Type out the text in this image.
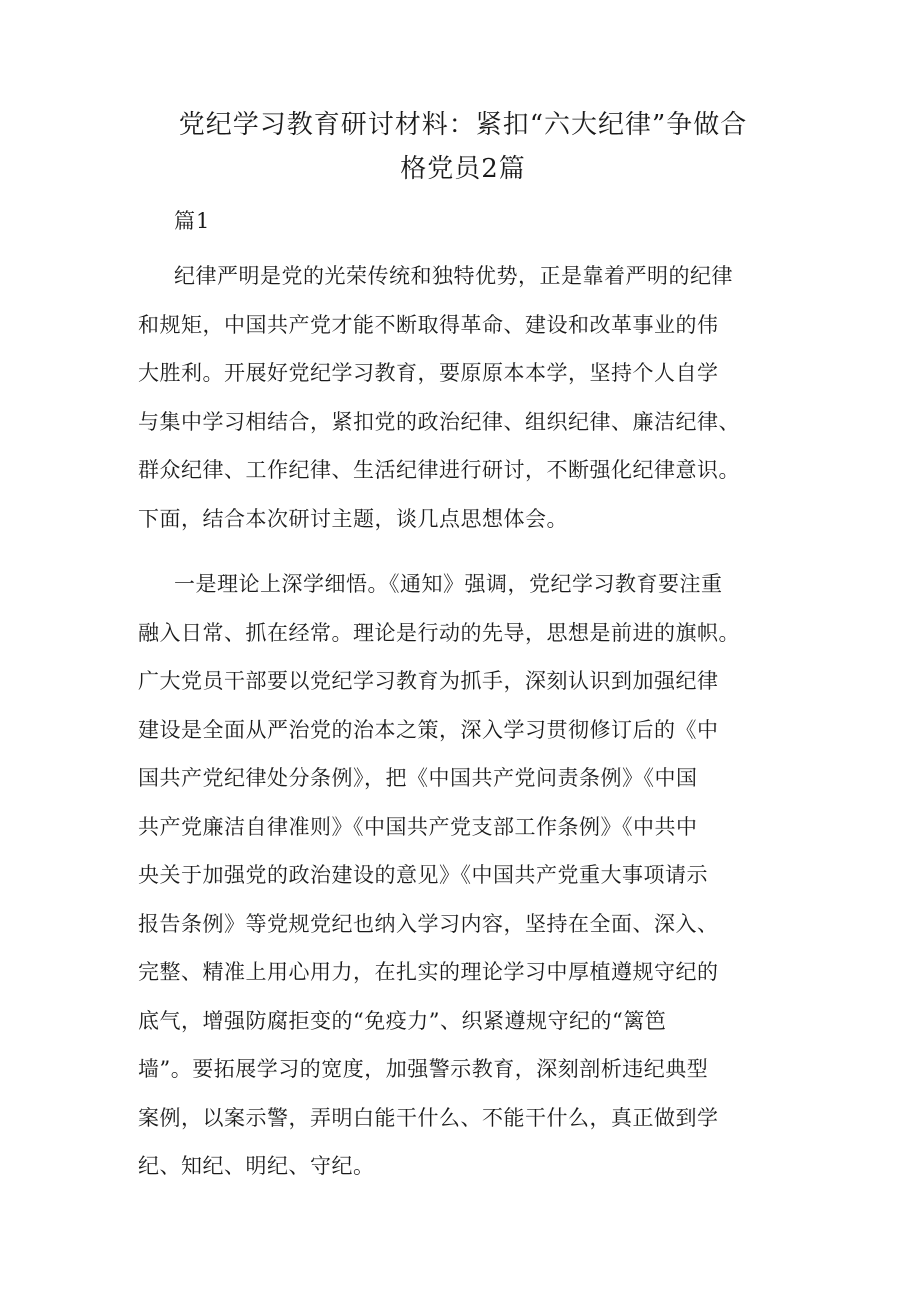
党纪学习教育研讨材料：紧扣“六大纪律”争做合
格党员2篇
篇1

纪律严明是党的光荣传统和独特优势，正是靠着严明的纪律
和规矩，中国共产党才能不断取得革命、建设和改革事业的伟
大胜利。开展好党纪学习教育，要原原本本学，坚持个人自学
与集中学习相结合，紧扣党的政治纪律、组织纪律、廉洁纪律、
群众纪律、工作纪律、生活纪律进行研讨，不断强化纪律意识。
下面，结合本次研讨主题，谈几点思想体会。

一是理论上深学细悟。《通知》强调，党纪学习教育要注重
融入日常、抓在经常。理论是行动的先导，思想是前进的旗帜。
广大党员干部要以党纪学习教育为抓手，深刻认识到加强纪律
建设是全面从严治党的治本之策，深入学习贯彻修订后的《中
国共产党纪律处分条例》，把《中国共产党问责条例》《中国
共产党廉洁自律准则》《中国共产党支部工作条例》《中共中
央关于加强党的政治建设的意见》《中国共产党重大事项请示
报告条例》等党规党纪也纳入学习内容，坚持在全面、深入、
完整、精准上用心用力，在扎实的理论学习中厚植遵规守纪的
底气，增强防腐拒变的“免疫力”、织紧遵规守纪的“篱笆
墙”。要拓展学习的宽度，加强警示教育，深刻剖析违纪典型
案例，以案示警，弄明白能干什么、不能干什么，真正做到学
纪、知纪、明纪、守纪。
